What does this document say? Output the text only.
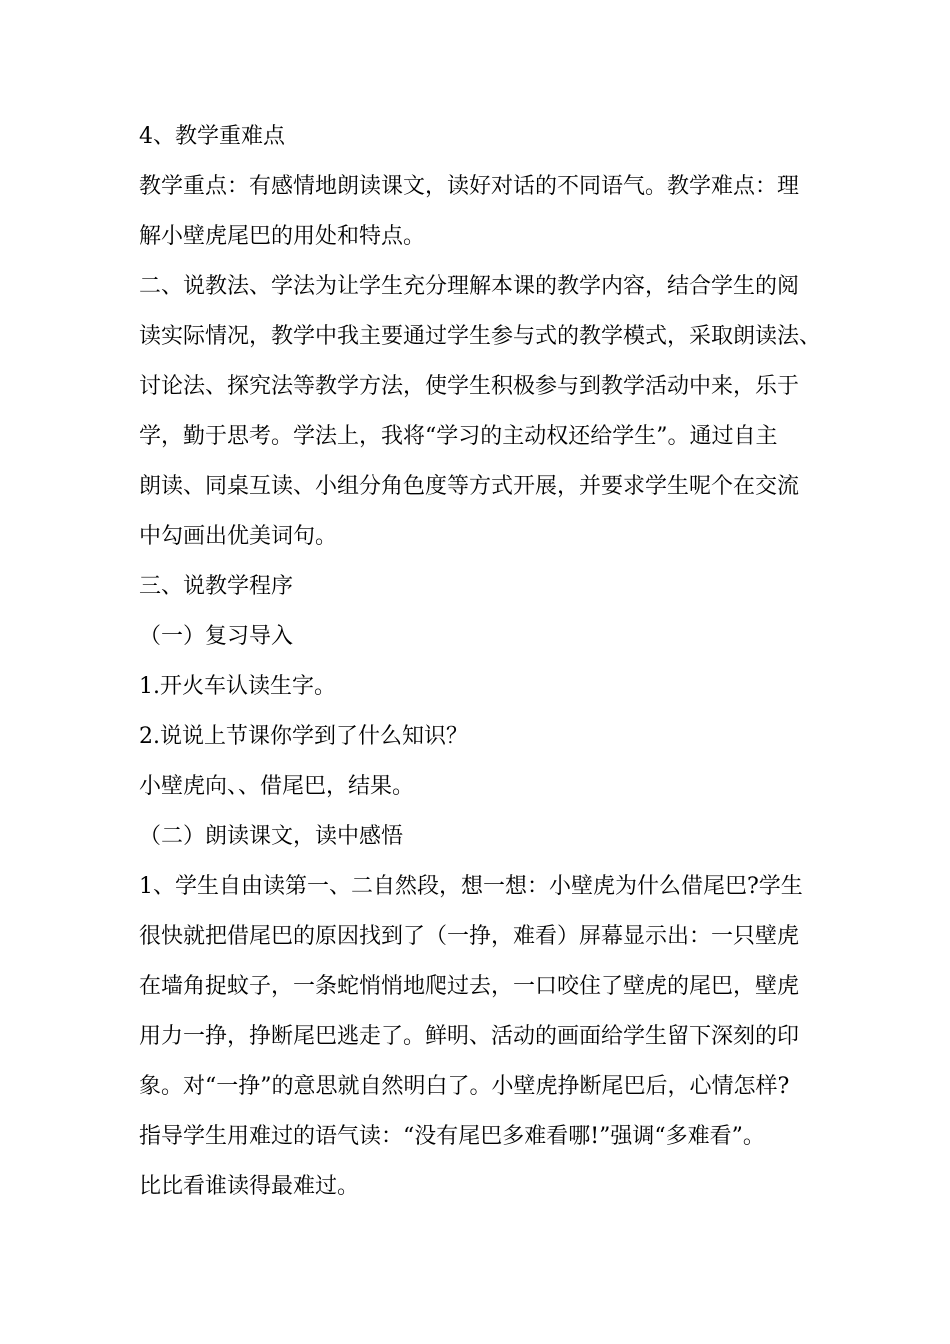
4、教学重难点
教学重点：有感情地朗读课文，读好对话的不同语气。教学难点：理
解小壁虎尾巴的用处和特点。
二、说教法、学法为让学生充分理解本课的教学内容，结合学生的阅
读实际情况，教学中我主要通过学生参与式的教学模式，采取朗读法、
讨论法、探究法等教学方法，使学生积极参与到教学活动中来，乐于
学，勤于思考。学法上，我将“学习的主动权还给学生”。通过自主
朗读、同桌互读、小组分角色度等方式开展，并要求学生呢个在交流
中勾画出优美词句。
三、说教学程序
（一）复习导入
1.开火车认读生字。
2.说说上节课你学到了什么知识？
小壁虎向、、借尾巴，结果。
（二）朗读课文，读中感悟
1、学生自由读第一、二自然段，想一想：小壁虎为什么借尾巴?学生
很快就把借尾巴的原因找到了（一挣，难看）屏幕显示出：一只壁虎
在墙角捉蚊子，一条蛇悄悄地爬过去，一口咬住了壁虎的尾巴，壁虎
用力一挣，挣断尾巴逃走了。鲜明、活动的画面给学生留下深刻的印
象。对“一挣”的意思就自然明白了。小壁虎挣断尾巴后，心情怎样?
指导学生用难过的语气读：“没有尾巴多难看哪!”强调“多难看”。
比比看谁读得最难过。
